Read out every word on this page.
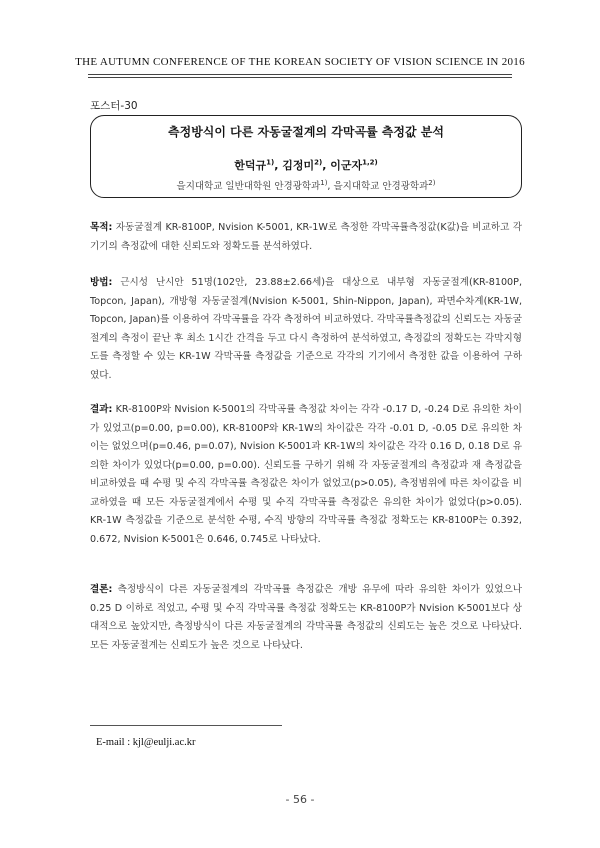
THE AUTUMN CONFERENCE OF THE KOREAN SOCIETY OF VISION SCIENCE IN 2016
포스터-30
측정방식이 다른 자동굴절계의 각막곡률 측정값 분석
한덕규$^{1)}$, 김정미$^{2)}$, 이군자$^{1,2)}$
을지대학교 일반대학원 안경광학과$^{1)}$, 을지대학교 안경광학과$^{2)}$

목적: 자동굴절계 KR-8100P, Nvision K-5001, KR-1W로 측정한 각막곡률측정값(K값)을 비교하고 각 기기의 측정값에 대한 신뢰도와 정확도를 분석하였다.

방법: 근시성 난시안 51명(102안, 23.88±2.66세)을 대상으로 내부형 자동굴절계(KR-8100P, Topcon, Japan), 개방형 자동굴절계(Nvision K-5001, Shin-Nippon, Japan), 파면수차계(KR-1W, Topcon, Japan)를 이용하여 각막곡률을 각각 측정하여 비교하였다. 각막곡률측정값의 신뢰도는 자동굴절계의 측정이 끝난 후 최소 1시간 간격을 두고 다시 측정하여 분석하였고, 측정값의 정확도는 각막지형도를 측정할 수 있는 KR-1W 각막곡률 측정값을 기준으로 각각의 기기에서 측정한 값을 이용하여 구하였다.

결과: KR-8100P와 Nvision K-5001의 각막곡률 측정값 차이는 각각 -0.17 D, -0.24 D로 유의한 차이가 있었고(p=0.00, p=0.00), KR-8100P와 KR-1W의 차이값은 각각 -0.01 D, -0.05 D로 유의한 차이는 없었으며(p=0.46, p=0.07), Nvision K-5001과 KR-1W의 차이값은 각각 0.16 D, 0.18 D로 유의한 차이가 있었다(p=0.00, p=0.00). 신뢰도를 구하기 위해 각 자동굴절계의 측정값과 재 측정값을 비교하였을 때 수평 및 수직 각막곡률 측정값은 차이가 없었고(p>0.05), 측정범위에 따른 차이값을 비교하였을 때 모든 자동굴절계에서 수평 및 수직 각막곡률 측정값은 유의한 차이가 없었다(p>0.05). KR-1W 측정값을 기준으로 분석한 수평, 수직 방향의 각막곡률 측정값 정확도는 KR-8100P는 0.392, 0.672, Nvision K-5001은 0.646, 0.745로 나타났다.

결론: 측정방식이 다른 자동굴절계의 각막곡률 측정값은 개방 유무에 따라 유의한 차이가 있었으나 0.25 D 이하로 적었고, 수평 및 수직 각막곡률 측정값 정확도는 KR-8100P가 Nvision K-5001보다 상대적으로 높았지만, 측정방식이 다른 자동굴절계의 각막곡률 측정값의 신뢰도는 높은 것으로 나타났다. 모든 자동굴절계는 신뢰도가 높은 것으로 나타났다.

E-mail : kjl@eulji.ac.kr
- 56 -
